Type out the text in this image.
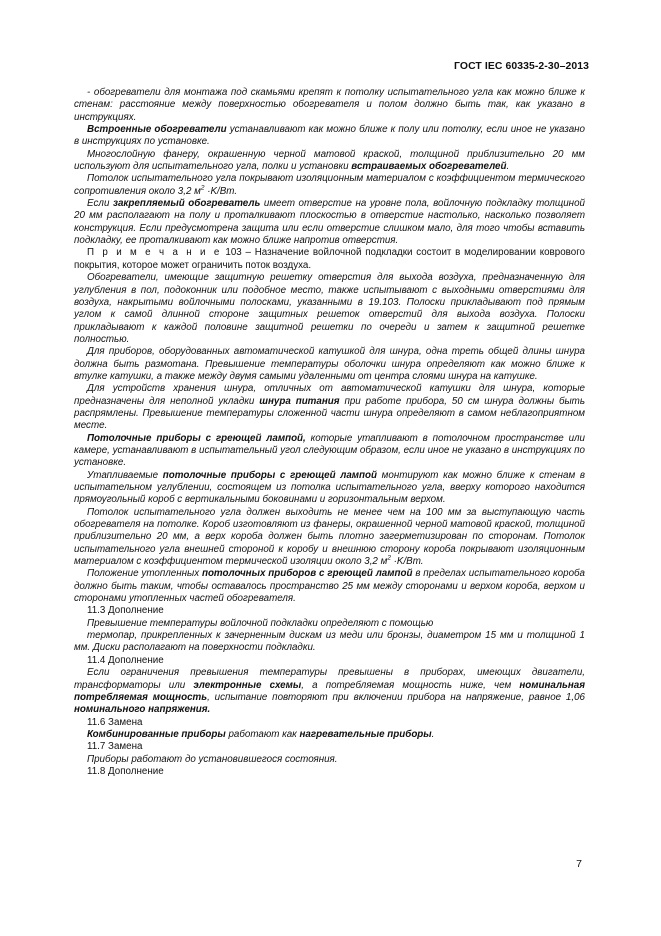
ГОСТ IEC 60335-2-30–2013

- обогреватели для монтажа под скамьями крепят к потолку испытательного угла как можно ближе к стенам: расстояние между поверхностью обогревателя и полом должно быть так, как указано в инструкциях.

Встроенные обогреватели устанавливают как можно ближе к полу или потолку, если иное не указано в инструкциях по установке.

Многослойную фанеру, окрашенную черной матовой краской, толщиной приблизительно 20 мм используют для испытательного угла, полки и установки встраиваемых обогревателей.

Потолок испытательного угла покрывают изоляционным материалом с коэффициентом термического сопротивления около 3,2 $м^2 \cdot K/Вт$.

Если закрепляемый обогреватель имеет отверстие на уровне пола, войлочную подкладку толщиной 20 мм располагают на полу и проталкивают плоскостью в отверстие настолько, насколько позволяет конструкция. Если предусмотрена защита или если отверстие слишком мало, для того чтобы вставить подкладку, ее проталкивают как можно ближе напротив отверстия.

П р и м е ч а н и е 103 – Назначение войлочной подкладки состоит в моделировании коврового покрытия, которое может ограничить поток воздуха.

Обогреватели, имеющие защитную решетку отверстия для выхода воздуха, предназначенную для углубления в пол, подоконник или подобное место, также испытывают с выходными отверстиями для воздуха, накрытыми войлочными полосками, указанными в 19.103. Полоски прикладывают под прямым углом к самой длинной стороне защитных решеток отверстий для выхода воздуха. Полоски прикладывают к каждой половине защитной решетки по очереди и затем к защитной решетке полностью.

Для приборов, оборудованных автоматической катушкой для шнура, одна треть общей длины шнура должна быть размотана. Превышение температуры оболочки шнура определяют как можно ближе к втулке катушки, а также между двумя самыми удаленными от центра слоями шнура на катушке.

Для устройств хранения шнура, отличных от автоматической катушки для шнура, которые предназначены для неполной укладки шнура питания при работе прибора, 50 см шнура должны быть распрямлены. Превышение температуры сложенной части шнура определяют в самом неблагоприятном месте.

Потолочные приборы с греющей лампой, которые утапливают в потолочном пространстве или камере, устанавливают в испытательный угол следующим образом, если иное не указано в инструкциях по установке.

Утапливаемые потолочные приборы с греющей лампой монтируют как можно ближе к стенам в испытательном углублении, состоящем из потолка испытательного угла, вверху которого находится прямоугольный короб с вертикальными боковинами и горизонтальным верхом.

Потолок испытательного угла должен выходить не менее чем на 100 мм за выступающую часть обогревателя на потолке. Короб изготовляют из фанеры, окрашенной черной матовой краской, толщиной приблизительно 20 мм, а верх короба должен быть плотно загерметизирован по сторонам. Потолок испытательного угла внешней стороной к коробу и внешнюю сторону короба покрывают изоляционным материалом с коэффициентом термической изоляции около 3,2 $м^2 \cdot K/Вт$.

Положение утопленных потолочных приборов с греющей лампой в пределах испытательного короба должно быть таким, чтобы оставалось пространство 25 мм между сторонами и верхом короба, верхом и сторонами утопленных частей обогревателя.

11.3 Дополнение

Превышение температуры войлочной подкладки определяют с помощью

термопар, прикрепленных к зачерненным дискам из меди или бронзы, диаметром 15 мм и толщиной 1 мм. Диски располагают на поверхности подкладки.

11.4 Дополнение

Если ограничения превышения температуры превышены в приборах, имеющих двигатели, трансформаторы или электронные схемы, а потребляемая мощность ниже, чем номинальная потребляемая мощность, испытание повторяют при включении прибора на напряжение, равное 1,06 номинального напряжения.

11.6 Замена

Комбинированные приборы работают как нагревательные приборы.

11.7 Замена

Приборы работают до установившегося состояния.

11.8 Дополнение

7
